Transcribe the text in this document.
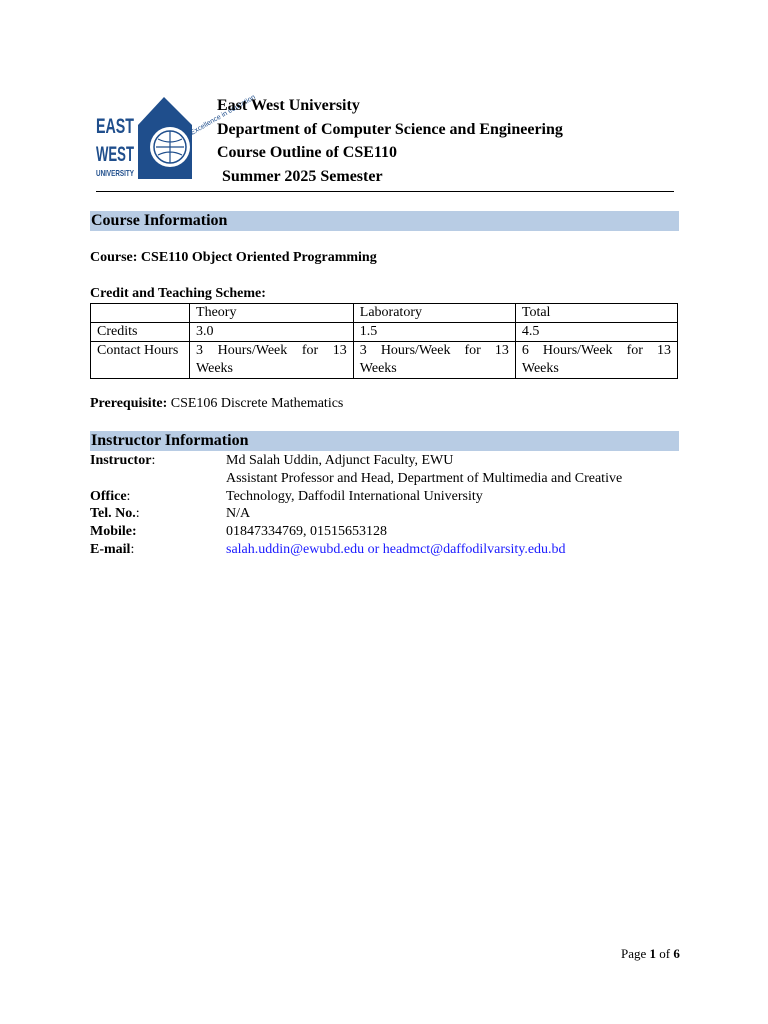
EAST
WEST
UNIVERSITY
Excellence in education
East West University
Department of Computer Science and Engineering
Course Outline of CSE110
Summer 2025 Semester
Course Information
Course: CSE110 Object Oriented Programming
Credit and Teaching Scheme:
	Theory	Laboratory	Total
Credits	3.0	1.5	4.5
Contact Hours	3 Hours/Week for 13 Weeks	3 Hours/Week for 13 Weeks	6 Hours/Week for 13 Weeks
Prerequisite: CSE106 Discrete Mathematics
Instructor Information
Instructor:	Md Salah Uddin, Adjunct Faculty, EWU
Assistant Professor and Head, Department of Multimedia and Creative
Office:	Technology, Daffodil International University
Tel. No.:	N/A
Mobile:	01847334769, 01515653128
E-mail:	salah.uddin@ewubd.edu or headmct@daffodilvarsity.edu.bd
Page 1 of 6
